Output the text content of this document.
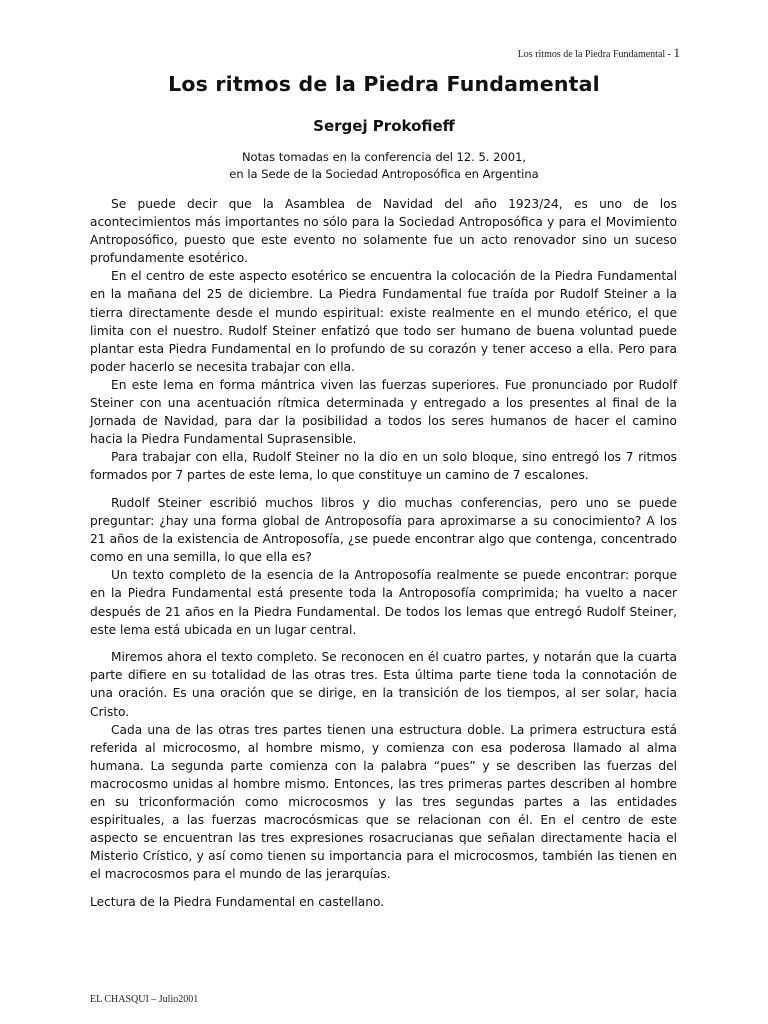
Los ritmos de la Piedra Fundamental - 1
Los ritmos de la Piedra Fundamental
Sergej Prokofieff
Notas tomadas en la conferencia del 12. 5. 2001,
en la Sede de la Sociedad Antroposófica en Argentina

Se puede decir que la Asamblea de Navidad del año 1923/24, es uno de los acontecimientos más importantes no sólo para la Sociedad Antroposófica y para el Movimiento Antroposófico, puesto que este evento no solamente fue un acto renovador sino un suceso profundamente esotérico.

En el centro de este aspecto esotérico se encuentra la colocación de la Piedra Fundamental en la mañana del 25 de diciembre. La Piedra Fundamental fue traída por Rudolf Steiner a la tierra directamente desde el mundo espiritual: existe realmente en el mundo etérico, el que limita con el nuestro. Rudolf Steiner enfatizó que todo ser humano de buena voluntad puede plantar esta Piedra Fundamental en lo profundo de su corazón y tener acceso a ella. Pero para poder hacerlo se necesita trabajar con ella.

En este lema en forma mántrica viven las fuerzas superiores. Fue pronunciado por Rudolf Steiner con una acentuación rítmica determinada y entregado a los presentes al final de la Jornada de Navidad, para dar la posibilidad a todos los seres humanos de hacer el camino hacia la Piedra Fundamental Suprasensible.

Para trabajar con ella, Rudolf Steiner no la dio en un solo bloque, sino entregó los 7 ritmos formados por 7 partes de este lema, lo que constituye un camino de 7 escalones.

Rudolf Steiner escribió muchos libros y dio muchas conferencias, pero uno se puede preguntar: ¿hay una forma global de Antroposofía para aproximarse a su conocimiento? A los 21 años de la existencia de Antroposofía, ¿se puede encontrar algo que contenga, concentrado como en una semilla, lo que ella es?

Un texto completo de la esencia de la Antroposofía realmente se puede encontrar: porque en la Piedra Fundamental está presente toda la Antroposofía comprimida; ha vuelto a nacer después de 21 años en la Piedra Fundamental. De todos los lemas que entregó Rudolf Steiner, este lema está ubicada en un lugar central.

Miremos ahora el texto completo. Se reconocen en él cuatro partes, y notarán que la cuarta parte difiere en su totalidad de las otras tres. Esta última parte tiene toda la connotación de una oración. Es una oración que se dirige, en la transición de los tiempos, al ser solar, hacia Cristo.

Cada una de las otras tres partes tienen una estructura doble. La primera estructura está referida al microcosmo, al hombre mismo, y comienza con esa poderosa llamado al alma humana. La segunda parte comienza con la palabra “pues” y se describen las fuerzas del macrocosmo unidas al hombre mismo. Entonces, las tres primeras partes describen al hombre en su triconformación como microcosmos y las tres segundas partes a las entidades espirituales, a las fuerzas macrocósmicas que se relacionan con él. En el centro de este aspecto se encuentran las tres expresiones rosacrucianas que señalan directamente hacia el Misterio Crístico, y así como tienen su importancia para el microcosmos, también las tienen en el macrocosmos para el mundo de las jerarquías.

Lectura de la Piedra Fundamental en castellano.

EL CHASQUI – Julio2001
